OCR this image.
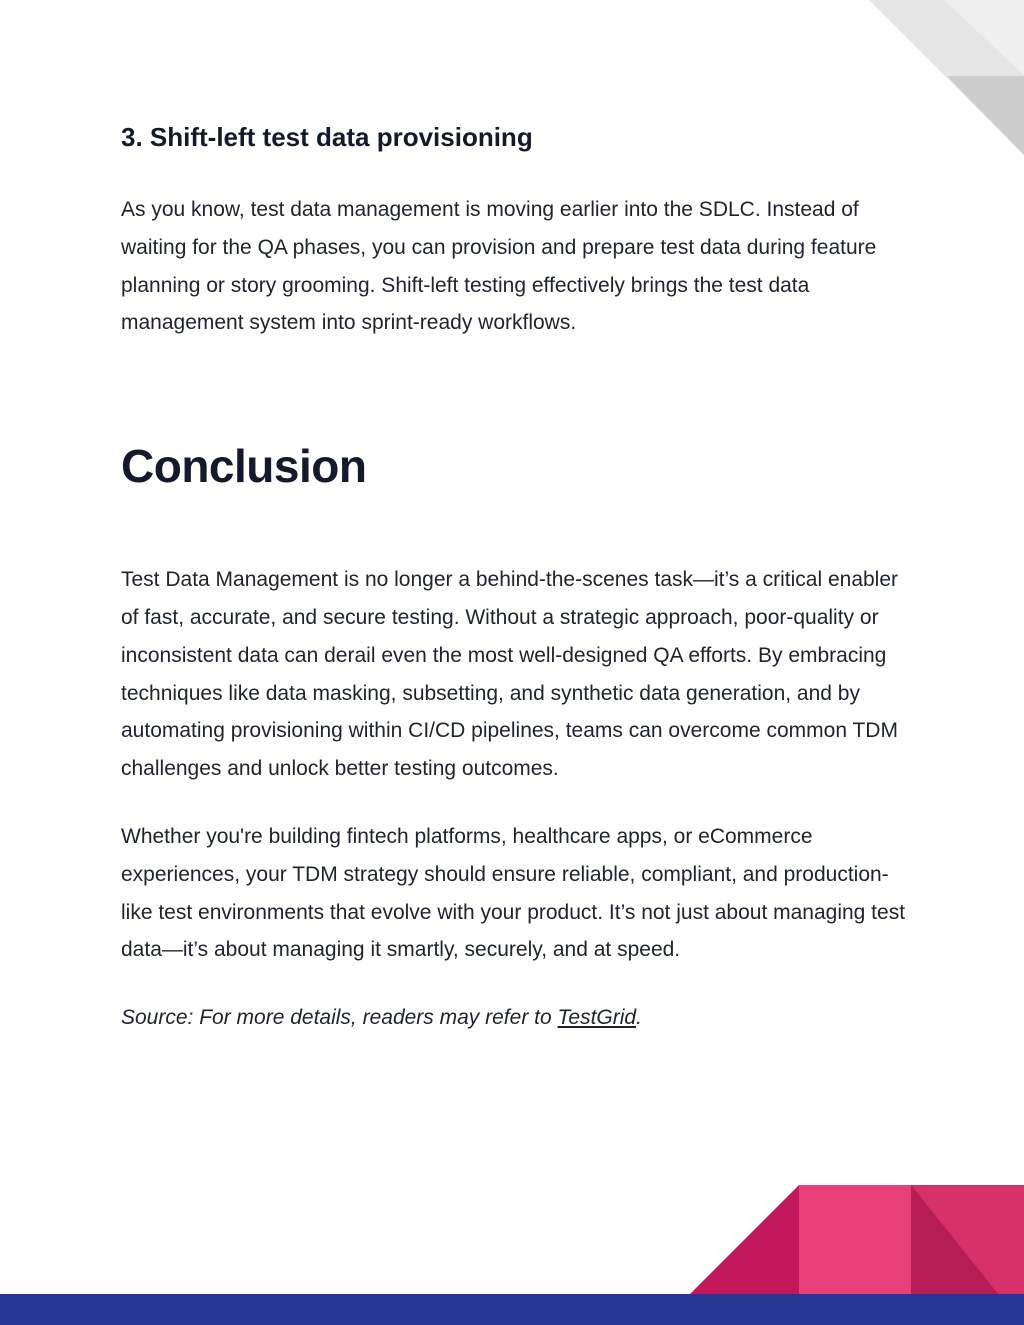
3. Shift-left test data provisioning

As you know, test data management is moving earlier into the SDLC. Instead of waiting for the QA phases, you can provision and prepare test data during feature planning or story grooming. Shift-left testing effectively brings the test data management system into sprint-ready workflows.

Conclusion

Test Data Management is no longer a behind-the-scenes task—it’s a critical enabler of fast, accurate, and secure testing. Without a strategic approach, poor-quality or inconsistent data can derail even the most well-designed QA efforts. By embracing techniques like data masking, subsetting, and synthetic data generation, and by automating provisioning within CI/CD pipelines, teams can overcome common TDM challenges and unlock better testing outcomes.

Whether you're building fintech platforms, healthcare apps, or eCommerce experiences, your TDM strategy should ensure reliable, compliant, and production-like test environments that evolve with your product. It’s not just about managing test data—it’s about managing it smartly, securely, and at speed.

Source: For more details, readers may refer to TestGrid.
